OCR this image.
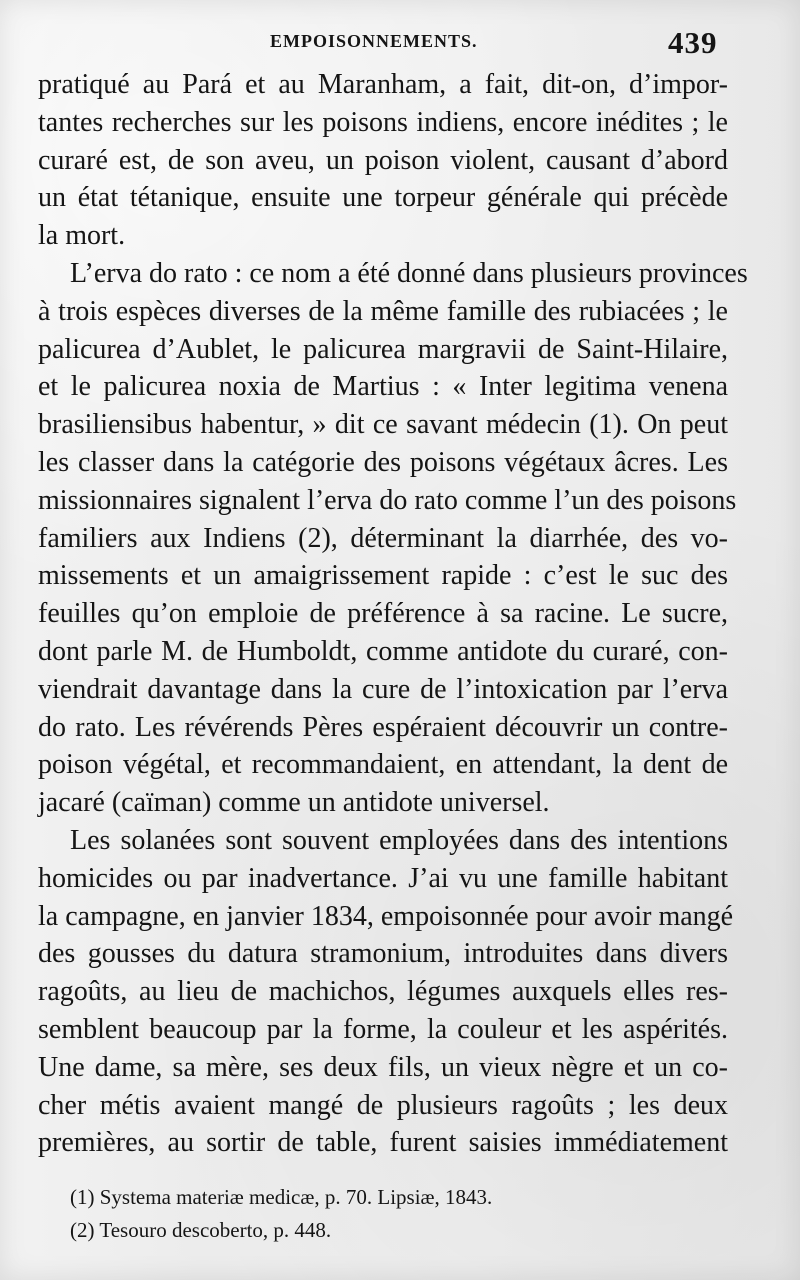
EMPOISONNEMENTS.	439
pratiqué au Pará et au Maranham, a fait, dit-on, d’impor-
tantes recherches sur les poisons indiens, encore inédites ; le
curaré est, de son aveu, un poison violent, causant d’abord
un état tétanique, ensuite une torpeur générale qui précède
la mort.
L’erva do rato : ce nom a été donné dans plusieurs provinces
à trois espèces diverses de la même famille des rubiacées ; le
palicurea d’Aublet, le palicurea margravii de Saint-Hilaire,
et le palicurea noxia de Martius : « Inter legitima venena
brasiliensibus habentur, » dit ce savant médecin (1). On peut
les classer dans la catégorie des poisons végétaux âcres. Les
missionnaires signalent l’erva do rato comme l’un des poisons
familiers aux Indiens (2), déterminant la diarrhée, des vo-
missements et un amaigrissement rapide : c’est le suc des
feuilles qu’on emploie de préférence à sa racine. Le sucre,
dont parle M. de Humboldt, comme antidote du curaré, con-
viendrait davantage dans la cure de l’intoxication par l’erva
do rato. Les révérends Pères espéraient découvrir un contre-
poison végétal, et recommandaient, en attendant, la dent de
jacaré (caïman) comme un antidote universel.
Les solanées sont souvent employées dans des intentions
homicides ou par inadvertance. J’ai vu une famille habitant
la campagne, en janvier 1834, empoisonnée pour avoir mangé
des gousses du datura stramonium, introduites dans divers
ragoûts, au lieu de machichos, légumes auxquels elles res-
semblent beaucoup par la forme, la couleur et les aspérités.
Une dame, sa mère, ses deux fils, un vieux nègre et un co-
cher métis avaient mangé de plusieurs ragoûts ; les deux
premières, au sortir de table, furent saisies immédiatement
(1) Systema materiæ medicæ, p. 70. Lipsiæ, 1843.
(2) Tesouro descoberto, p. 448.
